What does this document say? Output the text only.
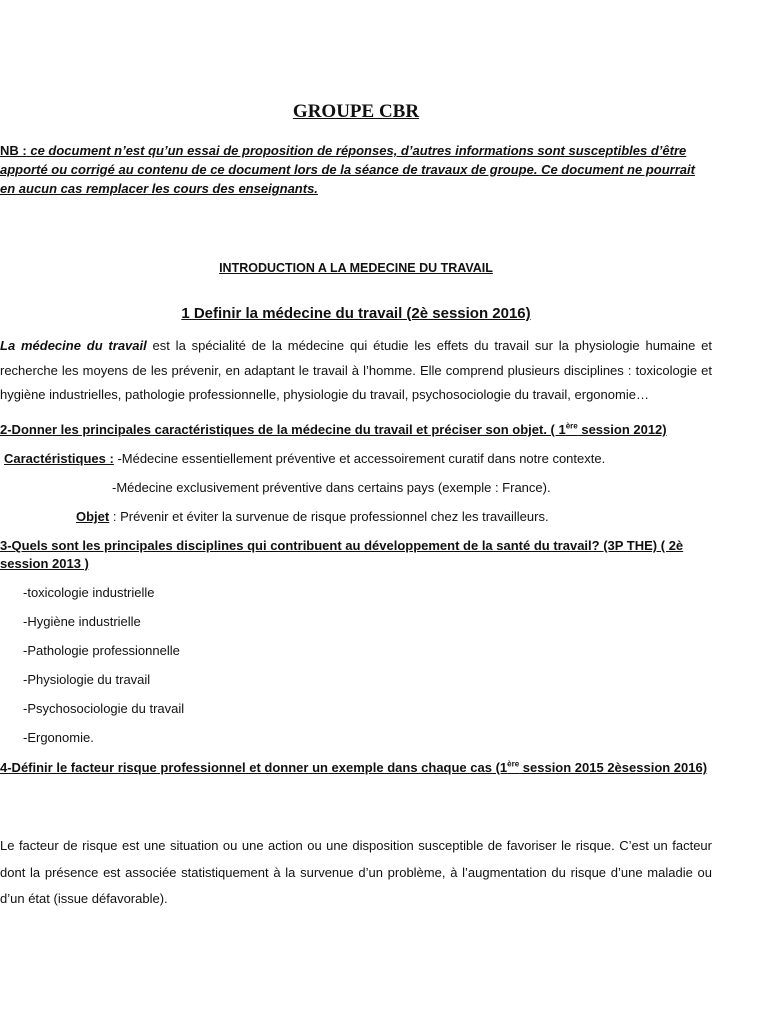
GROUPE CBR
NB : ce document n’est qu’un essai de proposition de réponses, d’autres informations sont susceptibles d’être apporté ou corrigé au contenu de ce document lors de la séance de travaux de groupe. Ce document ne pourrait en aucun cas remplacer les cours des enseignants.
INTRODUCTION A LA MEDECINE DU TRAVAIL
1 Definir la médecine du travail (2è session 2016)
La médecine du travail est la spécialité de la médecine qui étudie les effets du travail sur la physiologie humaine et recherche les moyens de les prévenir, en adaptant le travail à l’homme. Elle comprend plusieurs disciplines : toxicologie et hygiène industrielles, pathologie professionnelle, physiologie du travail, psychosociologie du travail, ergonomie…
2-Donner les principales caractéristiques de la médecine du travail et préciser son objet. ( 1ère session 2012)
Caractéristiques : -Médecine essentiellement préventive et accessoirement curatif dans notre contexte.
-Médecine exclusivement préventive dans certains pays (exemple : France).
Objet : Prévenir et éviter la survenue de risque professionnel chez les travailleurs.
3-Quels sont les principales disciplines qui contribuent au développement de la santé du travail? (3P THE) ( 2è session 2013 )
-toxicologie industrielle
-Hygiène industrielle
-Pathologie professionnelle
-Physiologie du travail
-Psychosociologie du travail
-Ergonomie.
4-Définir le facteur risque professionnel et donner un exemple dans chaque cas (1ère session 2015 2èsession 2016)
Le facteur de risque est une situation ou une action ou une disposition susceptible de favoriser le risque. C’est un facteur dont la présence est associée statistiquement à la survenue d’un problème, à l’augmentation du risque d’une maladie ou d’un état (issue défavorable).
